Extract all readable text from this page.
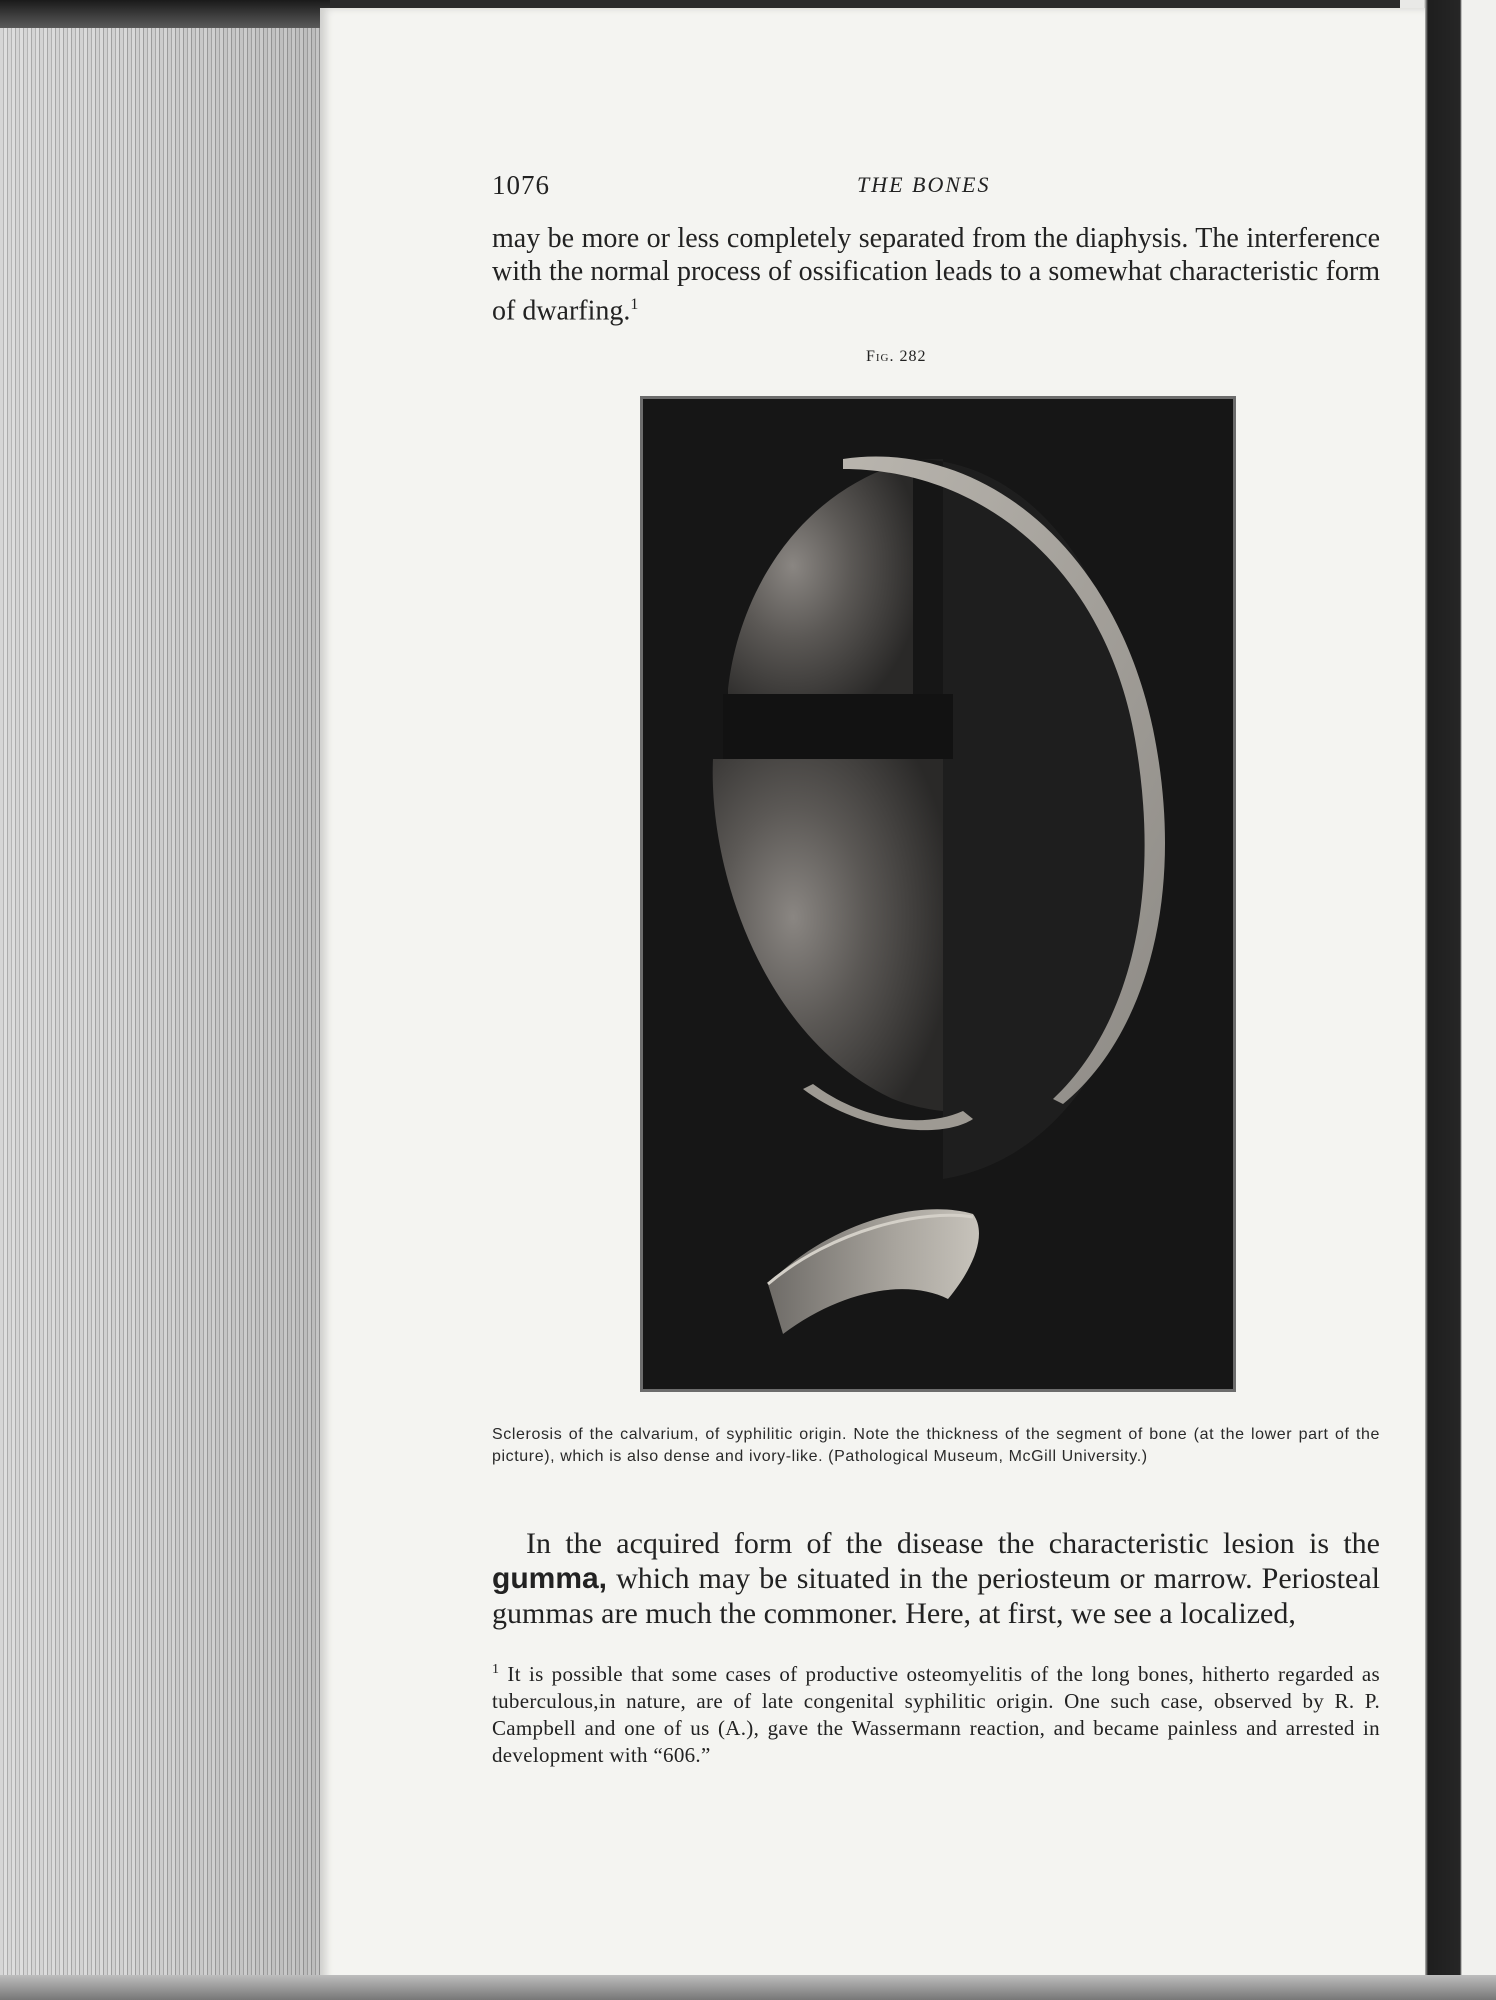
1076	THE BONES
may be more or less completely separated from the diaphysis. The interference with the normal process of ossification leads to a somewhat characteristic form of dwarfing.$^1$
Fig. 282
Sclerosis of the calvarium, of syphilitic origin. Note the thickness of the segment of bone (at the lower part of the picture), which is also dense and ivory-like. (Pathological Museum, McGill University.)
In the acquired form of the disease the characteristic lesion is the gumma, which may be situated in the periosteum or marrow. Periosteal gummas are much the commoner. Here, at first, we see a localized,
$^1$ It is possible that some cases of productive osteomyelitis of the long bones, hitherto regarded as tuberculous,in nature, are of late congenital syphilitic origin. One such case, observed by R. P. Campbell and one of us (A.), gave the Wassermann reaction, and became painless and arrested in development with “606.”
